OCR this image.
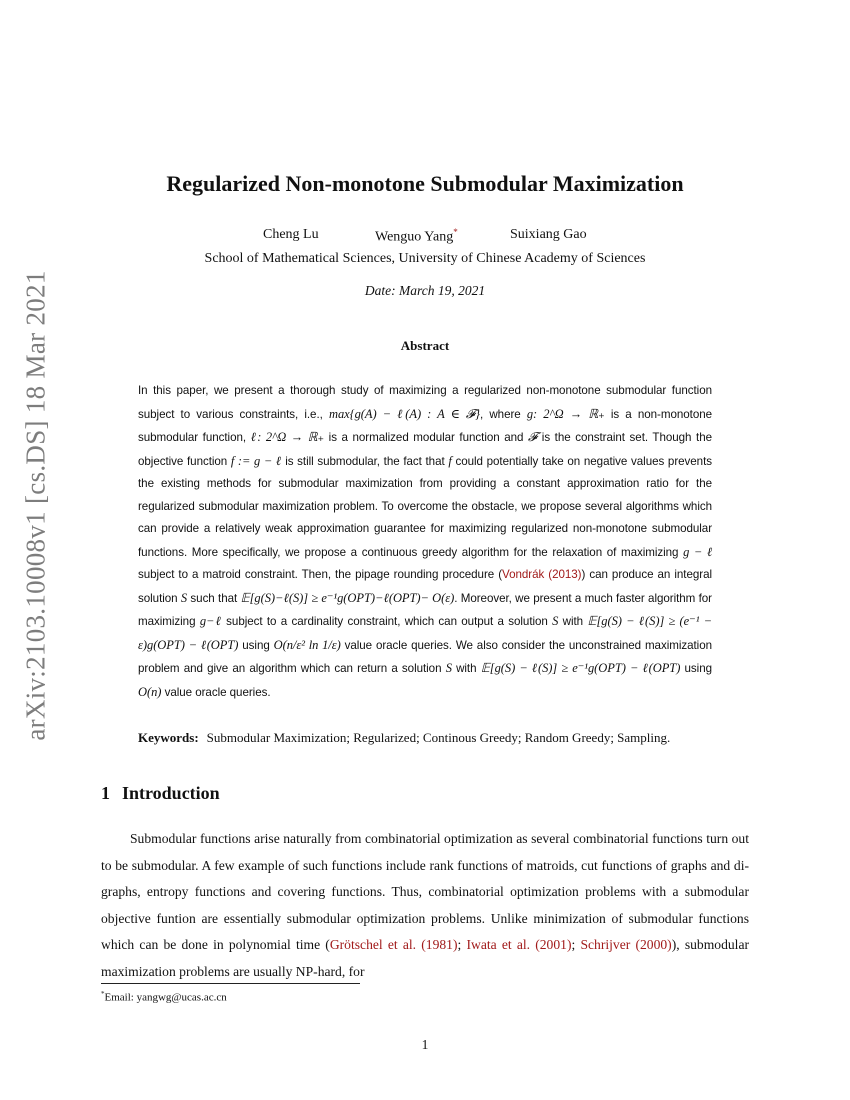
arXiv:2103.10008v1 [cs.DS] 18 Mar 2021
Regularized Non-monotone Submodular Maximization
Cheng Lu	Wenguo Yang*	Suixiang Gao
School of Mathematical Sciences, University of Chinese Academy of Sciences
Date: March 19, 2021
Abstract
In this paper, we present a thorough study of maximizing a regularized non-monotone submodular function subject to various constraints, i.e., max{g(A) − ℓ(A) : A ∈ 𝓕}, where g: 2^Ω → ℝ₊ is a non-monotone submodular function, ℓ: 2^Ω → ℝ₊ is a normalized modular function and 𝓕 is the constraint set. Though the objective function f := g − ℓ is still submodular, the fact that f could potentially take on negative values prevents the existing methods for submodular maximization from providing a constant approximation ratio for the regularized submodular maximization problem. To overcome the obstacle, we propose several algorithms which can provide a relatively weak approximation guarantee for maximizing regularized non-monotone submodular functions. More specifically, we propose a continuous greedy algorithm for the relaxation of maximizing g − ℓ subject to a matroid constraint. Then, the pipage rounding procedure (Vondrák (2013)) can produce an integral solution S such that 𝔼[g(S)−ℓ(S)] ≥ e⁻¹g(OPT)−ℓ(OPT)− O(ε). Moreover, we present a much faster algorithm for maximizing g−ℓ subject to a cardinality constraint, which can output a solution S with 𝔼[g(S) − ℓ(S)] ≥ (e⁻¹ − ε)g(OPT) − ℓ(OPT) using O(n/ε² ln 1/ε) value oracle queries. We also consider the unconstrained maximization problem and give an algorithm which can return a solution S with 𝔼[g(S) − ℓ(S)] ≥ e⁻¹g(OPT) − ℓ(OPT) using O(n) value oracle queries.
Keywords: Submodular Maximization; Regularized; Continous Greedy; Random Greedy; Sampling.
1 Introduction

Submodular functions arise naturally from combinatorial optimization as several combinatorial functions turn out to be submodular. A few example of such functions include rank functions of matroids, cut functions of graphs and di-graphs, entropy functions and covering functions. Thus, combinatorial optimization problems with a submodular objective funtion are essentially submodular optimization problems. Unlike minimization of submodular functions which can be done in polynomial time (Grötschel et al. (1981); Iwata et al. (2001); Schrijver (2000)), submodular maximization problems are usually NP-hard, for

*Email: yangwg@ucas.ac.cn
1
